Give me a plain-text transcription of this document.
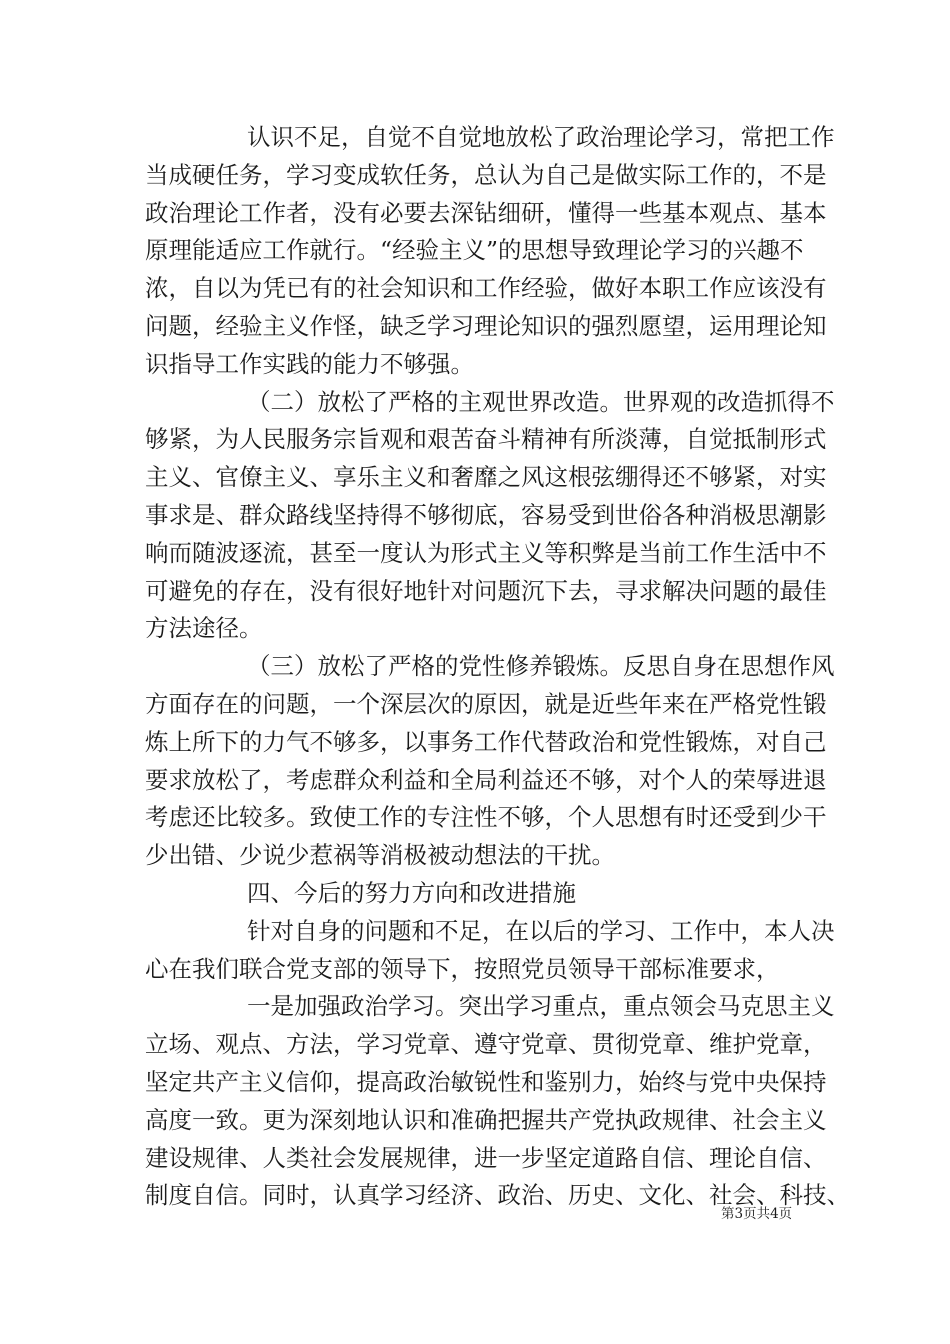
认识不足，自觉不自觉地放松了政治理论学习，常把工作
当成硬任务，学习变成软任务，总认为自己是做实际工作的，不是
政治理论工作者，没有必要去深钻细研，懂得一些基本观点、基本
原理能适应工作就行。“经验主义”的思想导致理论学习的兴趣不
浓，自以为凭已有的社会知识和工作经验，做好本职工作应该没有
问题，经验主义作怪，缺乏学习理论知识的强烈愿望，运用理论知
识指导工作实践的能力不够强。
（二）放松了严格的主观世界改造。世界观的改造抓得不
够紧，为人民服务宗旨观和艰苦奋斗精神有所淡薄，自觉抵制形式
主义、官僚主义、享乐主义和奢靡之风这根弦绷得还不够紧，对实
事求是、群众路线坚持得不够彻底，容易受到世俗各种消极思潮影
响而随波逐流，甚至一度认为形式主义等积弊是当前工作生活中不
可避免的存在，没有很好地针对问题沉下去，寻求解决问题的最佳
方法途径。
（三）放松了严格的党性修养锻炼。反思自身在思想作风
方面存在的问题，一个深层次的原因，就是近些年来在严格党性锻
炼上所下的力气不够多，以事务工作代替政治和党性锻炼，对自己
要求放松了，考虑群众利益和全局利益还不够，对个人的荣辱进退
考虑还比较多。致使工作的专注性不够，个人思想有时还受到少干
少出错、少说少惹祸等消极被动想法的干扰。
四、今后的努力方向和改进措施
针对自身的问题和不足，在以后的学习、工作中，本人决
心在我们联合党支部的领导下，按照党员领导干部标准要求，
一是加强政治学习。突出学习重点，重点领会马克思主义
立场、观点、方法，学习党章、遵守党章、贯彻党章、维护党章，
坚定共产主义信仰，提高政治敏锐性和鉴别力，始终与党中央保持
高度一致。更为深刻地认识和准确把握共产党执政规律、社会主义
建设规律、人类社会发展规律，进一步坚定道路自信、理论自信、
制度自信。同时，认真学习经济、政治、历史、文化、社会、科技、
第3页共4页
